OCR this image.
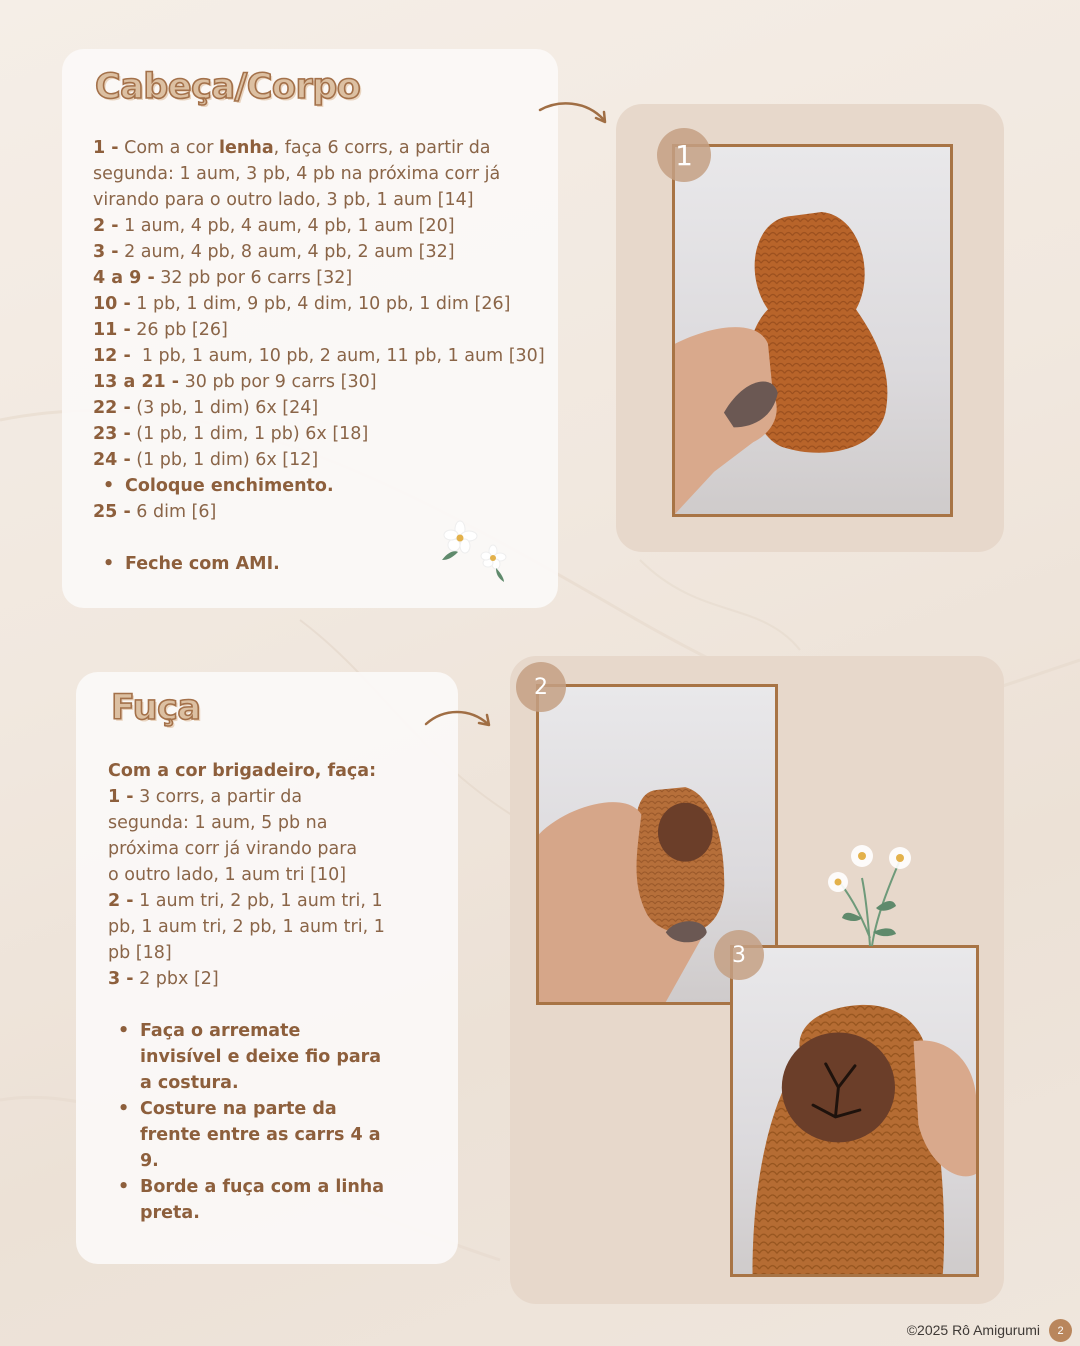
Cabeça/Corpo
1 - Com a cor lenha, faça 6 corrs, a partir da
segunda: 1 aum, 3 pb, 4 pb na próxima corr já
virando para o outro lado, 3 pb, 1 aum [14]
2 - 1 aum, 4 pb, 4 aum, 4 pb, 1 aum [20]
3 - 2 aum, 4 pb, 8 aum, 4 pb, 2 aum [32]
4 a 9 - 32 pb por 6 carrs [32]
10 - 1 pb, 1 dim, 9 pb, 4 dim, 10 pb, 1 dim [26]
11 - 26 pb [26]
12 -  1 pb, 1 aum, 10 pb, 2 aum, 11 pb, 1 aum [30]
13 a 21 - 30 pb por 9 carrs [30]
22 - (3 pb, 1 dim) 6x [24]
23 - (1 pb, 1 dim, 1 pb) 6x [18]
24 - (1 pb, 1 dim) 6x [12]
• Coloque enchimento.
25 - 6 dim [6]
• Feche com AMI.
Fuça
Com a cor brigadeiro, faça:
1 - 3 corrs, a partir da
segunda: 1 aum, 5 pb na
próxima corr já virando para
o outro lado, 1 aum tri [10]
2 - 1 aum tri, 2 pb, 1 aum tri, 1
pb, 1 aum tri, 2 pb, 1 aum tri, 1
pb [18]
3 - 2 pbx [2]
• Faça o arremate
invisível e deixe fio para
a costura.
• Costure na parte da
frente entre as carrs 4 a
9.
• Borde a fuça com a linha
preta.
1
2
3
©2025 Rô Amigurumi	2
